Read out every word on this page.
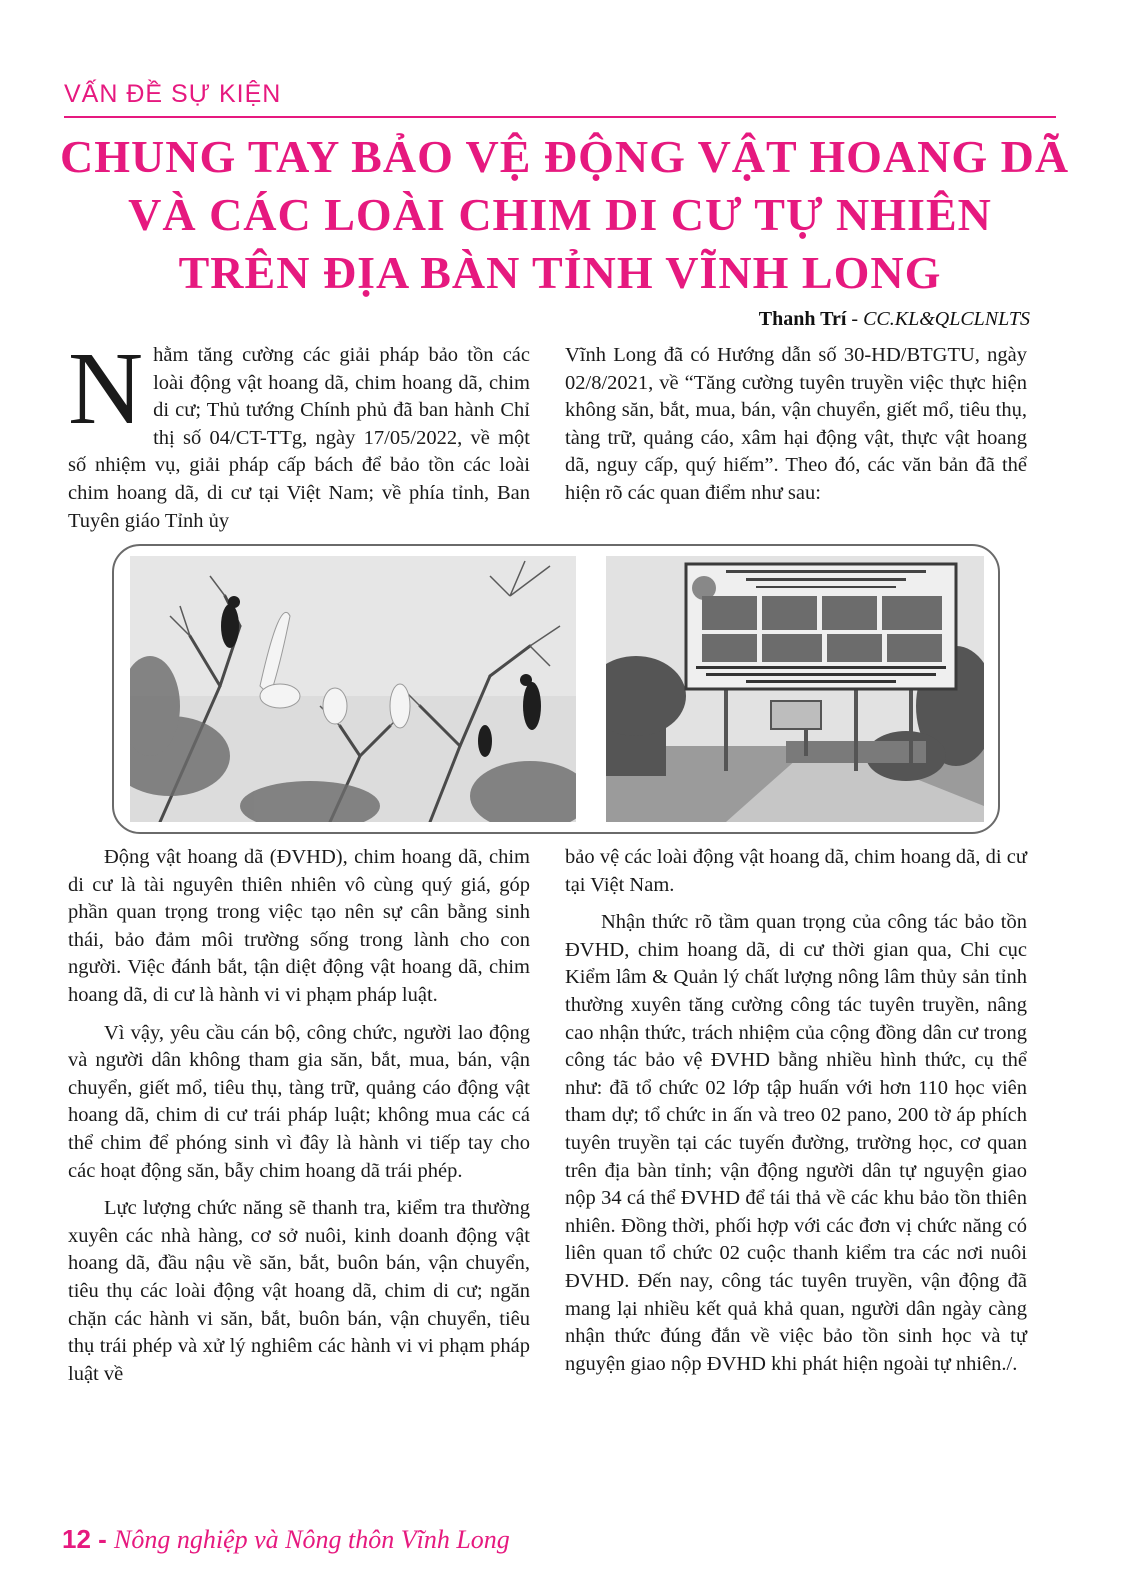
VẤN ĐỀ SỰ KIỆN
CHUNG TAY BẢO VỆ ĐỘNG VẬT HOANG DÃ
VÀ CÁC LOÀI CHIM DI CƯ TỰ NHIÊN
TRÊN ĐỊA BÀN TỈNH VĨNH LONG
Thanh Trí - CC.KL&QLCLNLTS

Nhằm tăng cường các giải pháp bảo tồn các loài động vật hoang dã, chim hoang dã, chim di cư; Thủ tướng Chính phủ đã ban hành Chỉ thị số 04/CT-TTg, ngày 17/05/2022, về một số nhiệm vụ, giải pháp cấp bách để bảo tồn các loài chim hoang dã, di cư tại Việt Nam; về phía tỉnh, Ban Tuyên giáo Tỉnh ủy

Vĩnh Long đã có Hướng dẫn số 30-HD/BTGTU, ngày 02/8/2021, về “Tăng cường tuyên truyền việc thực hiện không săn, bắt, mua, bán, vận chuyển, giết mổ, tiêu thụ, tàng trữ, quảng cáo, xâm hại động vật, thực vật hoang dã, nguy cấp, quý hiếm”. Theo đó, các văn bản đã thể hiện rõ các quan điểm như sau:

Động vật hoang dã (ĐVHD), chim hoang dã, chim di cư là tài nguyên thiên nhiên vô cùng quý giá, góp phần quan trọng trong việc tạo nên sự cân bằng sinh thái, bảo đảm môi trường sống trong lành cho con người. Việc đánh bắt, tận diệt động vật hoang dã, chim hoang dã, di cư là hành vi vi phạm pháp luật.

Vì vậy, yêu cầu cán bộ, công chức, người lao động và người dân không tham gia săn, bắt, mua, bán, vận chuyển, giết mổ, tiêu thụ, tàng trữ, quảng cáo động vật hoang dã, chim di cư trái pháp luật; không mua các cá thể chim để phóng sinh vì đây là hành vi tiếp tay cho các hoạt động săn, bẫy chim hoang dã trái phép.

Lực lượng chức năng sẽ thanh tra, kiểm tra thường xuyên các nhà hàng, cơ sở nuôi, kinh doanh động vật hoang dã, đầu nậu về săn, bắt, buôn bán, vận chuyển, tiêu thụ các loài động vật hoang dã, chim di cư; ngăn chặn các hành vi săn, bắt, buôn bán, vận chuyển, tiêu thụ trái phép và xử lý nghiêm các hành vi vi phạm pháp luật về

bảo vệ các loài động vật hoang dã, chim hoang dã, di cư tại Việt Nam.

Nhận thức rõ tầm quan trọng của công tác bảo tồn ĐVHD, chim hoang dã, di cư thời gian qua, Chi cục Kiểm lâm & Quản lý chất lượng nông lâm thủy sản tỉnh thường xuyên tăng cường công tác tuyên truyền, nâng cao nhận thức, trách nhiệm của cộng đồng dân cư trong công tác bảo vệ ĐVHD bằng nhiều hình thức, cụ thể như: đã tổ chức 02 lớp tập huấn với hơn 110 học viên tham dự; tổ chức in ấn và treo 02 pano, 200 tờ áp phích tuyên truyền tại các tuyến đường, trường học, cơ quan trên địa bàn tỉnh; vận động người dân tự nguyện giao nộp 34 cá thể ĐVHD để tái thả về các khu bảo tồn thiên nhiên. Đồng thời, phối hợp với các đơn vị chức năng có liên quan tổ chức 02 cuộc thanh kiểm tra các nơi nuôi ĐVHD. Đến nay, công tác tuyên truyền, vận động đã mang lại nhiều kết quả khả quan, người dân ngày càng nhận thức đúng đắn về việc bảo tồn sinh học và tự nguyện giao nộp ĐVHD khi phát hiện ngoài tự nhiên./.

12 - Nông nghiệp và Nông thôn Vĩnh Long
